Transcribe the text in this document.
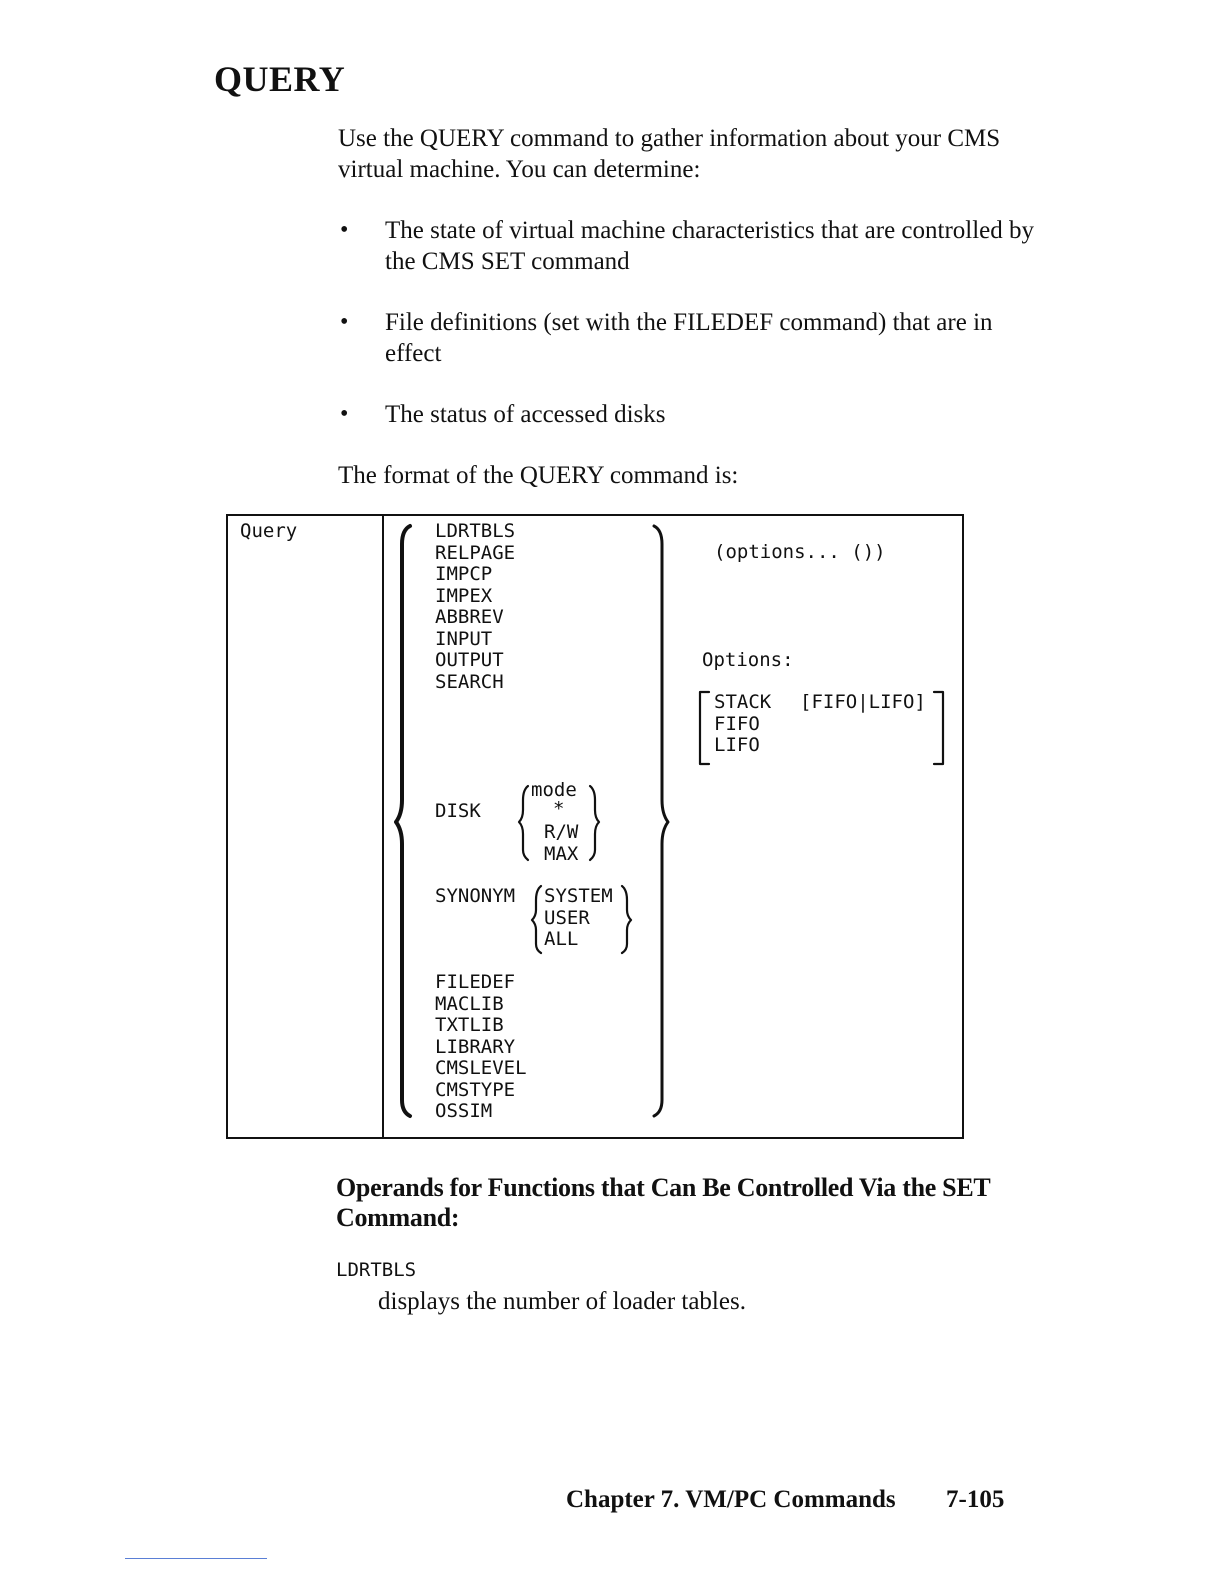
QUERY
Use the QUERY command to gather information about your CMS virtual machine. You can determine:
• The state of virtual machine characteristics that are controlled by the CMS SET command
• File definitions (set with the FILEDEF command) that are in effect
• The status of accessed disks
The format of the QUERY command is:
Query	LDRTBLS
RELPAGE
IMPCP
IMPEX
ABBREV
INPUT
OUTPUT
SEARCH
DISK
mode
*
R/W
MAX
SYNONYM SYSTEM
USER
ALL
FILEDEF
MACLIB
TXTLIB
LIBRARY
CMSLEVEL
CMSTYPE
OSSIM
(options... ())
Options:
STACK [FIFO|LIFO]
FIFO
LIFO
Operands for Functions that Can Be Controlled Via the SET Command:
LDRTBLS
displays the number of loader tables.
Chapter 7. VM/PC Commands 7-105
